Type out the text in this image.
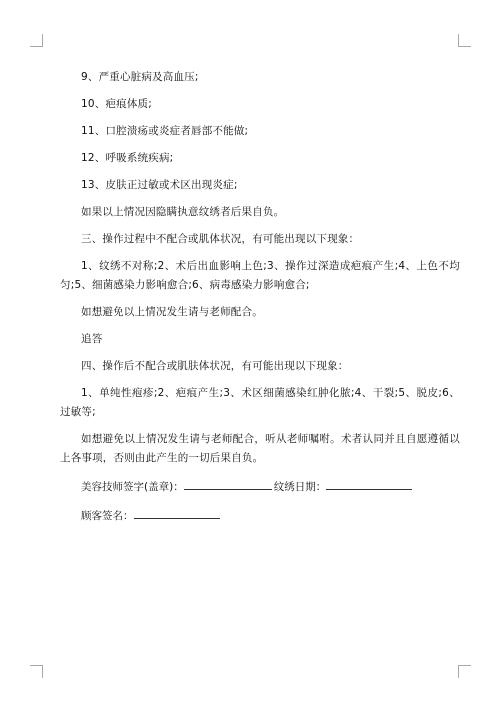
9、严重心脏病及高血压;

10、疤痕体质;

11、口腔溃疡或炎症者唇部不能做;

12、呼吸系统疾病;

13、皮肤正过敏或术区出现炎症;

如果以上情况因隐瞒执意纹绣者后果自负。

三、操作过程中不配合或肌体状况，有可能出现以下现象：

1、纹绣不对称;2、术后出血影响上色;3、操作过深造成疤痕产生;4、上色不均匀;5、细菌感染力影响愈合;6、病毒感染力影响愈合;

如想避免以上情况发生请与老师配合。

追答

四、操作后不配合或肌肤体状况，有可能出现以下现象：

1、单纯性疱疹;2、疤痕产生;3、术区细菌感染红肿化脓;4、干裂;5、脱皮;6、过敏等;

如想避免以上情况发生请与老师配合，听从老师嘱咐。术者认同并且自愿遵循以上各事项，否则由此产生的一切后果自负。

美容技师签字(盖章)：	纹绣日期：
顾客签名：
